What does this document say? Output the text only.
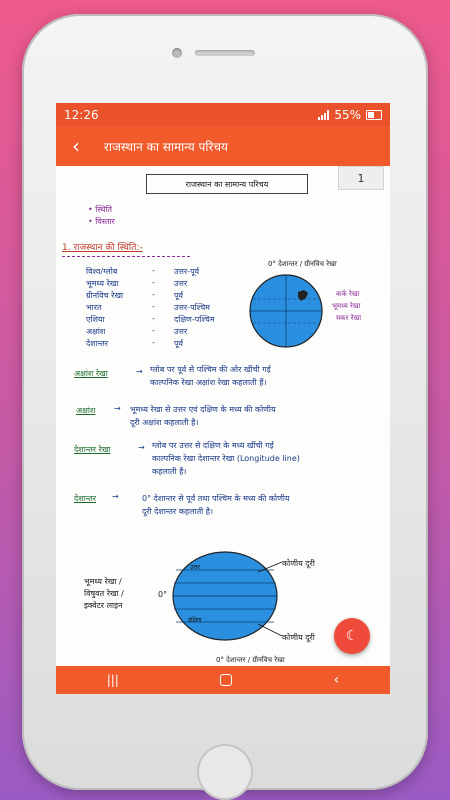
12:26	55%
‹	राजस्थान का सामान्य परिचय
1
राजस्थान का सामान्य परिचय
• स्थिति
• विस्तार
1. राजस्थान की स्थिति:-
विश्व/ग्लोब	- उत्तर-पूर्व
भूमध्य रेखा	- उत्तर
ग्रीनविच रेखा	- पूर्व
भारत	- उत्तर-पश्चिम
एशिया	- दक्षिण-पश्चिम
अक्षांश	- उत्तर
देशान्तर	- पूर्व
0° देशान्तर / ग्रीनविच रेखा
कर्क रेखा
भूमध्य रेखा
मकर रेखा
अक्षांश रेखा	→ ग्लोब पर पूर्व से पश्चिम की ओर खींची गई
काल्पनिक रेखा अक्षांश रेखा कहलाती हैं।
अक्षांश → भूमध्य रेखा से उत्तर एवं दक्षिण के मध्य की कोणीय
दूरी अक्षांश कहलाती है।
देशान्तर रेखा	→ ग्लोब पर उत्तर से दक्षिण के मध्य खींची गई
काल्पनिक रेखा देशान्तर रेखा (Longitude line)
कहलाती हैं।
देशान्तर →	0° देशान्तर से पूर्व तथा पश्चिम के मध्य की कोणीय
दूरी देशान्तर कहलाती है।
भूमध्य रेखा /
विषुवत रेखा /
इक्वेटर लाइन
0°
उत्तर
दक्षिण
कोणीय दूरी
कोणीय दूरी
0° देशान्तर / ग्रीनविच रेखा
☾
|||	‹
